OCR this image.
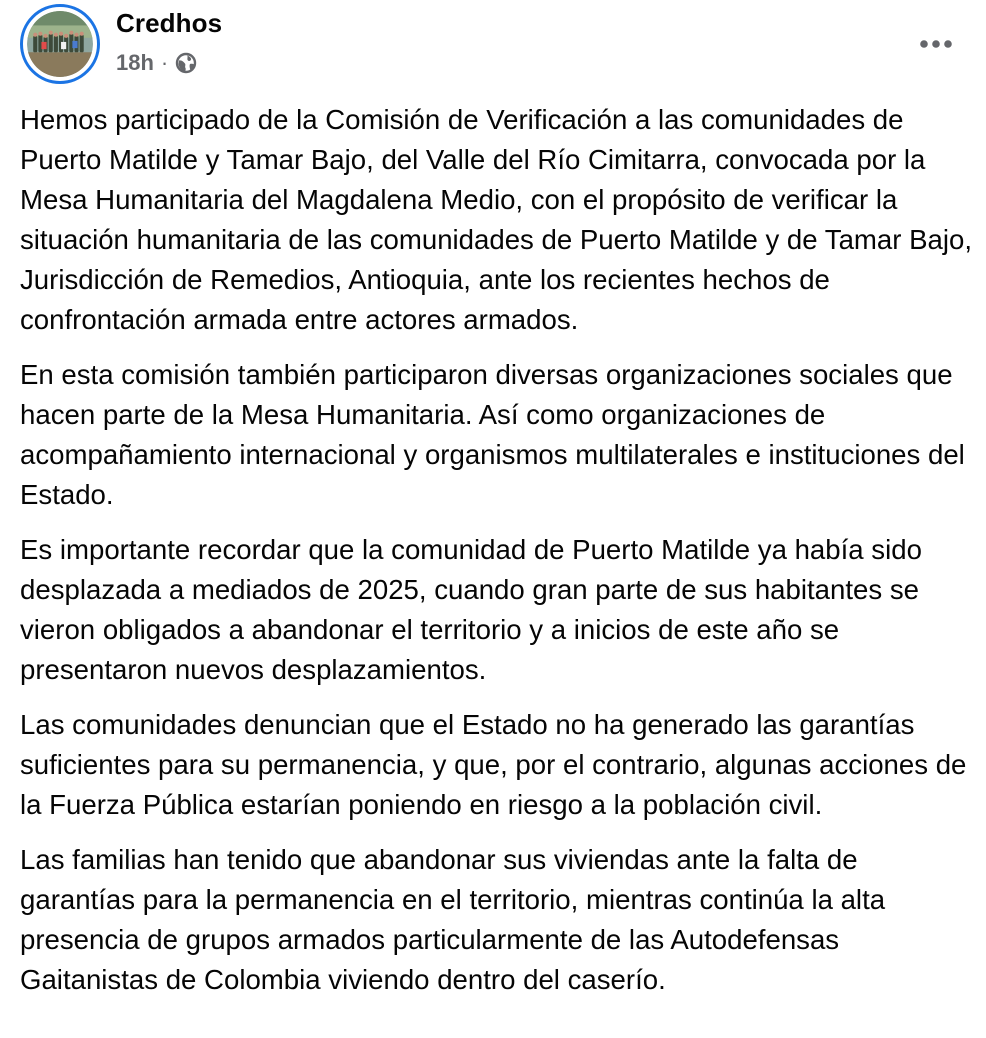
Credhos
18h ·

Hemos participado de la Comisión de Verificación a las comunidades de Puerto Matilde y Tamar Bajo, del Valle del Río Cimitarra, convocada por la Mesa Humanitaria del Magdalena Medio, con el propósito de verificar la situación humanitaria de las comunidades de Puerto Matilde y de Tamar Bajo, Jurisdicción de Remedios, Antioquia, ante los recientes hechos de confrontación armada entre actores armados.

En esta comisión también participaron diversas organizaciones sociales que hacen parte de la Mesa Humanitaria. Así como organizaciones de acompañamiento internacional y organismos multilaterales e instituciones del Estado.

Es importante recordar que la comunidad de Puerto Matilde ya había sido desplazada a mediados de 2025, cuando gran parte de sus habitantes se vieron obligados a abandonar el territorio y a inicios de este año se presentaron nuevos desplazamientos.

Las comunidades denuncian que el Estado no ha generado las garantías suficientes para su permanencia, y que, por el contrario, algunas acciones de la Fuerza Pública estarían poniendo en riesgo a la población civil.

Las familias han tenido que abandonar sus viviendas ante la falta de garantías para la permanencia en el territorio, mientras continúa la alta presencia de grupos armados particularmente de las Autodefensas Gaitanistas de Colombia viviendo dentro del caserío.
